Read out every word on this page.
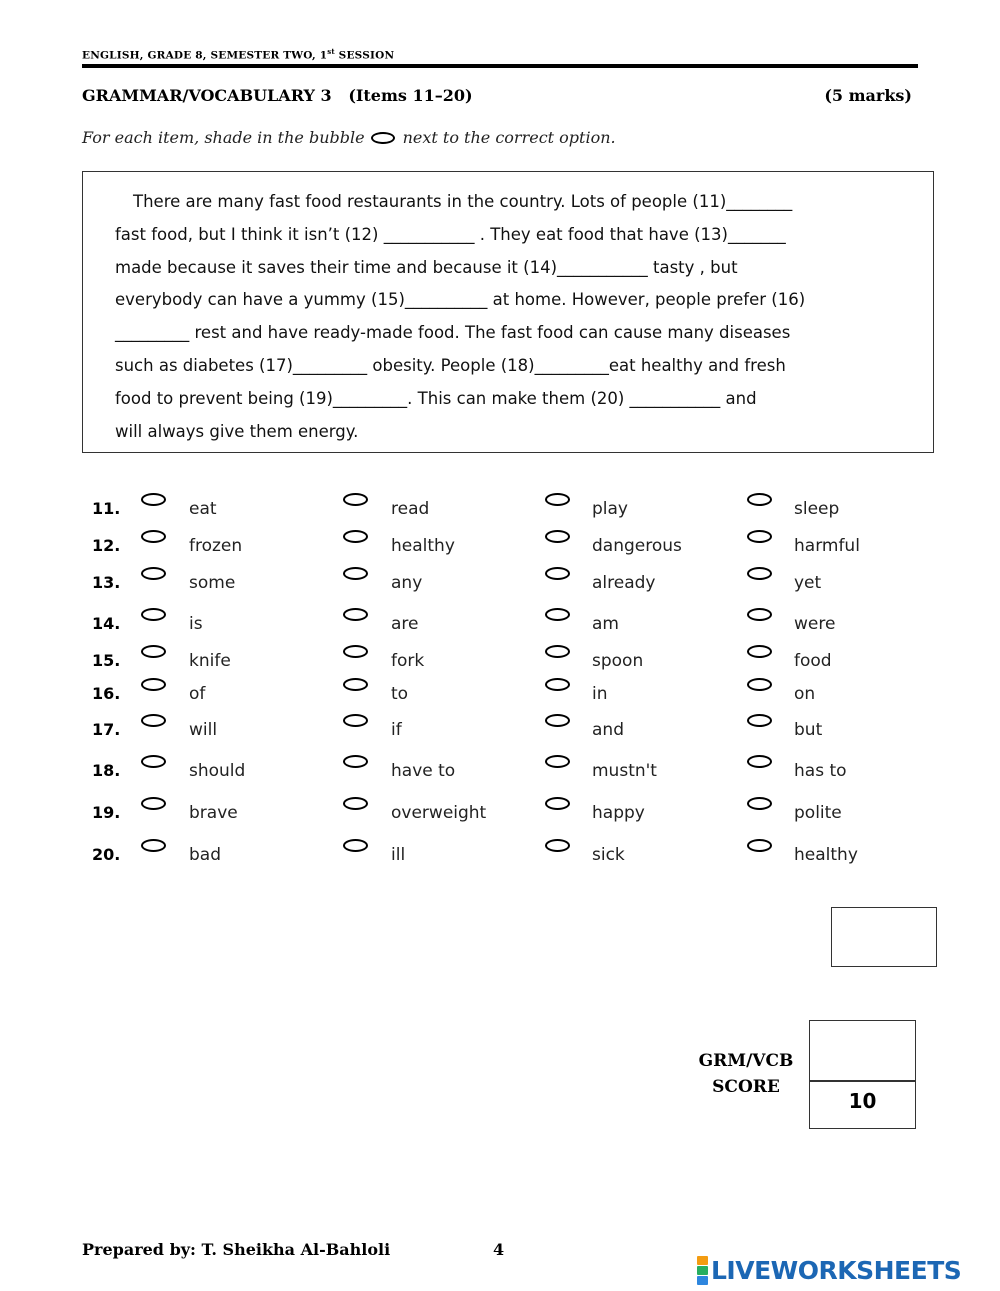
ENGLISH, GRADE 8, SEMESTER TWO, 1st SESSION
GRAMMAR/VOCABULARY 3   (Items 11–20)	(5 marks)
For each item, shade in the bubble next to the correct option.
There are many fast food restaurants in the country. Lots of people (11)________
fast food, but I think it isn’t (12) ___________ . They eat food that have (13)_______
made because it saves their time and because it (14)___________ tasty , but
everybody can have a yummy (15)__________ at home. However, people prefer (16)
_________ rest and have ready-made food. The fast food can cause many diseases
such as diabetes (17)_________ obesity. People (18)_________eat healthy and fresh
food to prevent being (19)_________. This can make them (20) ___________ and
will always give them energy.
11.	eat	read	play	sleep
12.	frozen	healthy	dangerous	harmful
13.	some	any	already	yet
14.	is	are	am	were
15.	knife	fork	spoon	food
16.	of	to	in	on
17.	will	if	and	but
18.	should	have to	mustn't	has to
19.	brave	overweight	happy	polite
20.	bad	ill	sick	healthy
GRM/VCB
SCORE
10
Prepared by: T. Sheikha Al-Bahloli	4
LIVEWORKSHEETS
